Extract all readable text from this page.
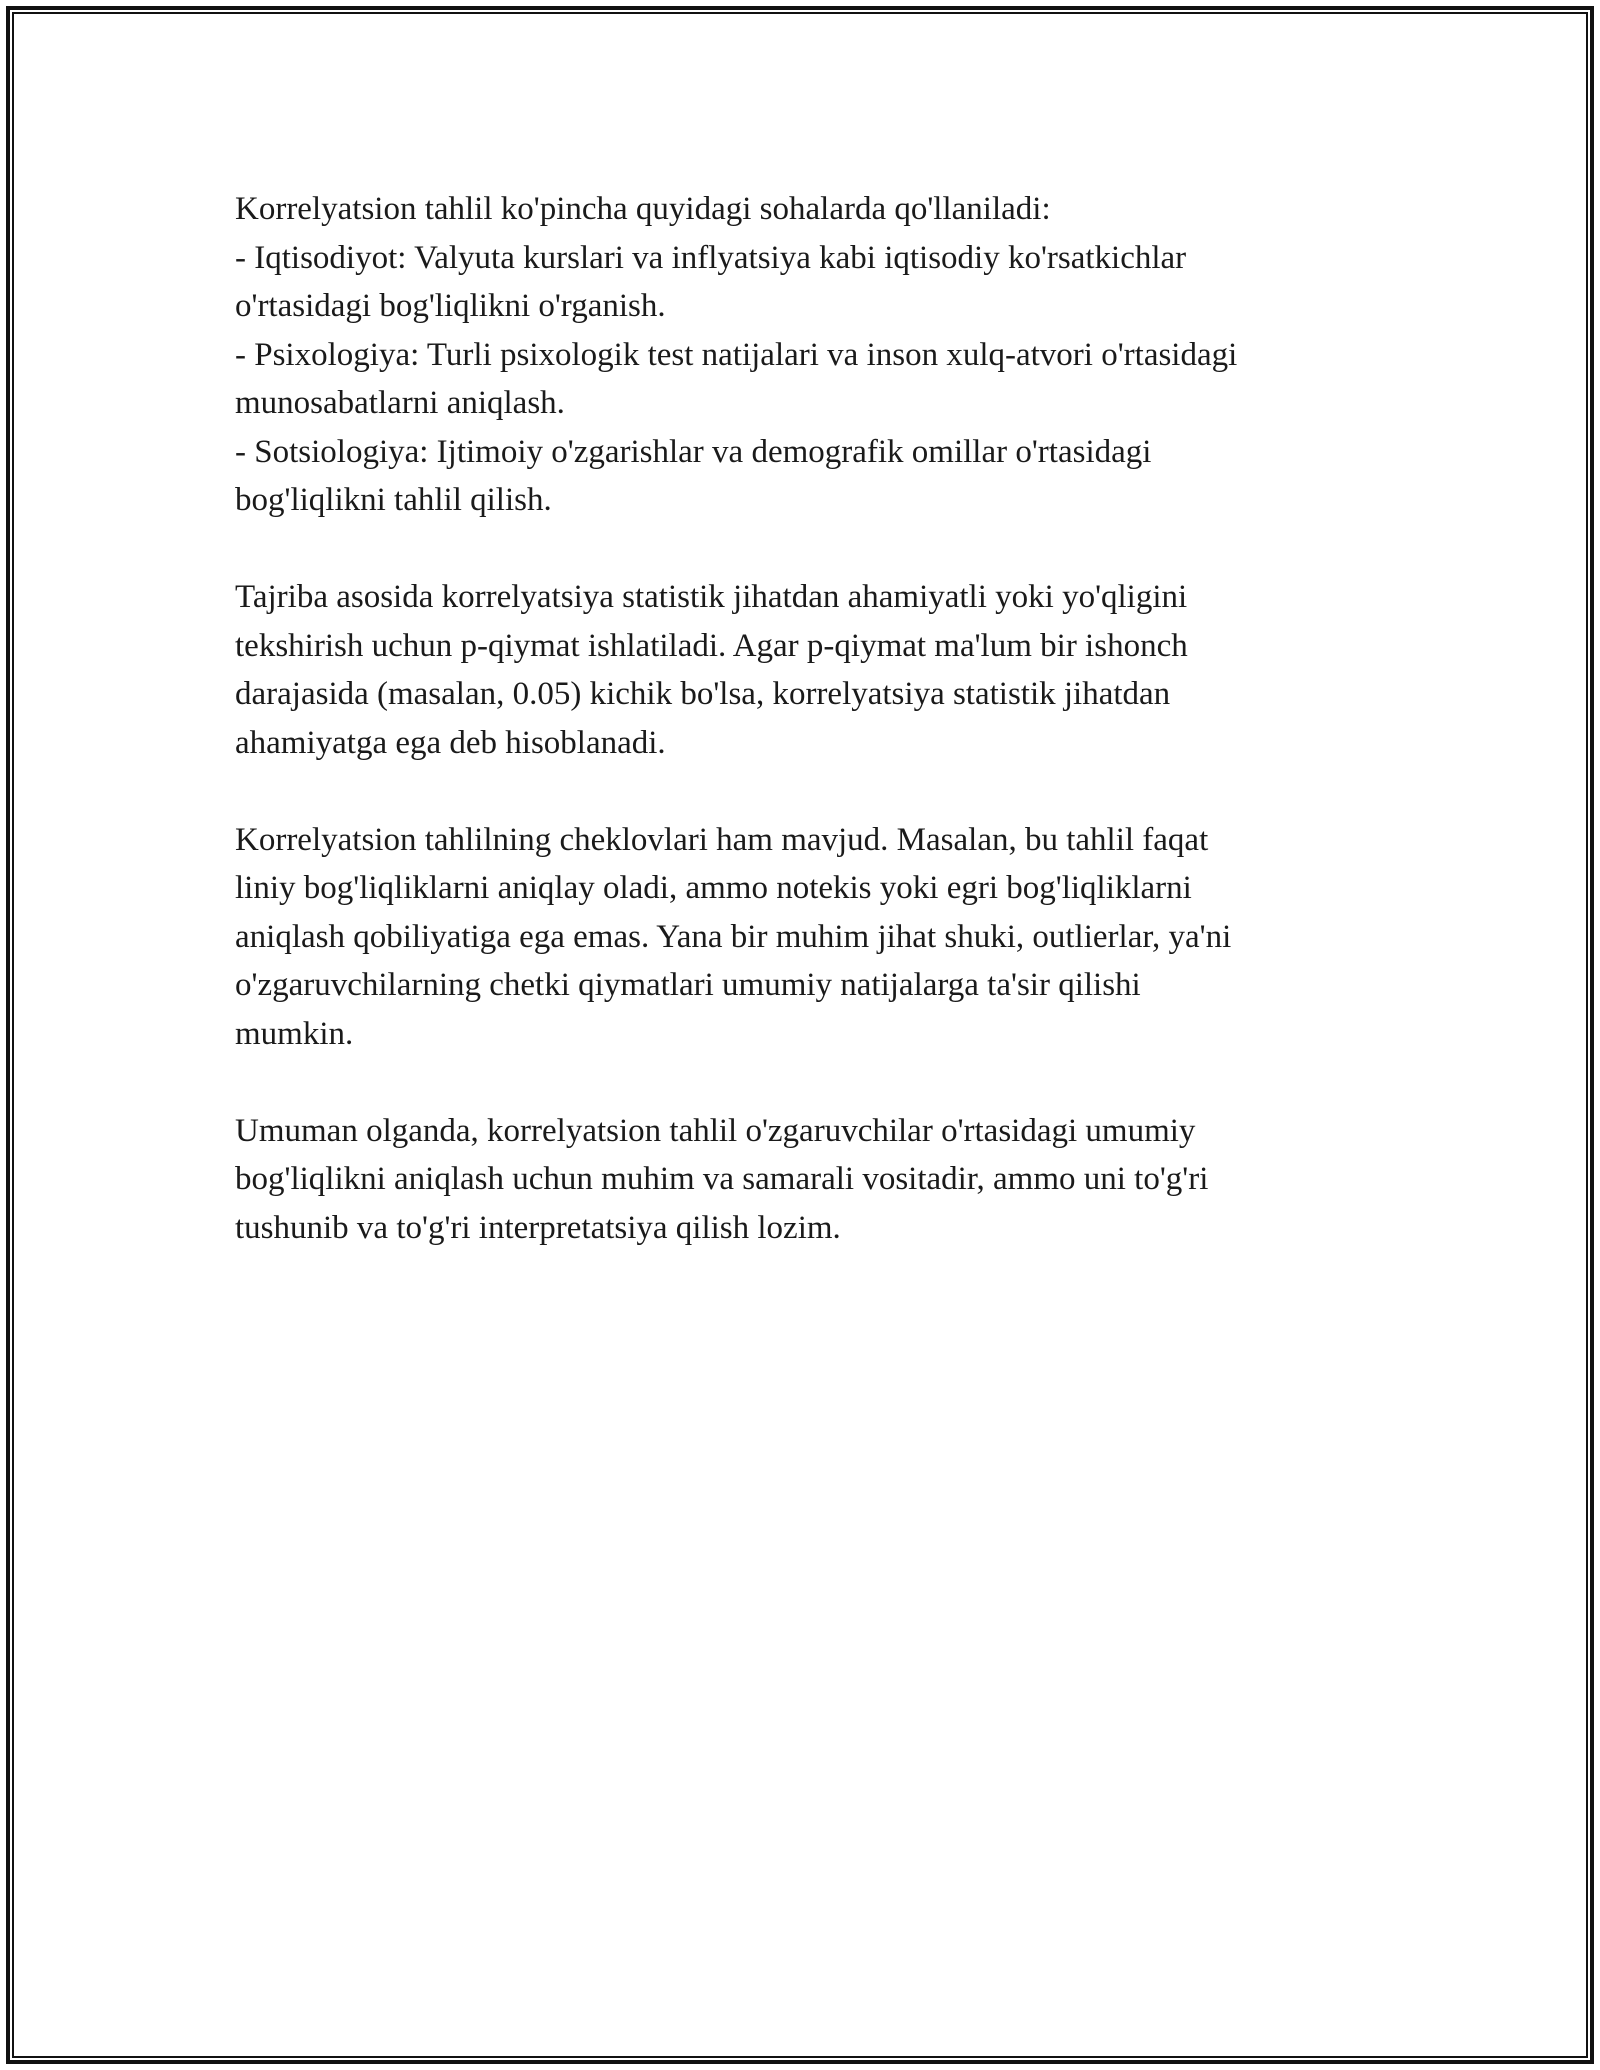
Korrelyatsion tahlil ko'pincha quyidagi sohalarda qo'llaniladi:
- Iqtisodiyot: Valyuta kurslari va inflyatsiya kabi iqtisodiy ko'rsatkichlar
o'rtasidagi bog'liqlikni o'rganish.
- Psixologiya: Turli psixologik test natijalari va inson xulq-atvori o'rtasidagi
munosabatlarni aniqlash.
- Sotsiologiya: Ijtimoiy o'zgarishlar va demografik omillar o'rtasidagi
bog'liqlikni tahlil qilish.

Tajriba asosida korrelyatsiya statistik jihatdan ahamiyatli yoki yo'qligini
tekshirish uchun p-qiymat ishlatiladi. Agar p-qiymat ma'lum bir ishonch
darajasida (masalan, 0.05) kichik bo'lsa, korrelyatsiya statistik jihatdan
ahamiyatga ega deb hisoblanadi.

Korrelyatsion tahlilning cheklovlari ham mavjud. Masalan, bu tahlil faqat
liniy bog'liqliklarni aniqlay oladi, ammo notekis yoki egri bog'liqliklarni
aniqlash qobiliyatiga ega emas. Yana bir muhim jihat shuki, outlierlar, ya'ni
o'zgaruvchilarning chetki qiymatlari umumiy natijalarga ta'sir qilishi
mumkin.

Umuman olganda, korrelyatsion tahlil o'zgaruvchilar o'rtasidagi umumiy
bog'liqlikni aniqlash uchun muhim va samarali vositadir, ammo uni to'g'ri
tushunib va to'g'ri interpretatsiya qilish lozim.
